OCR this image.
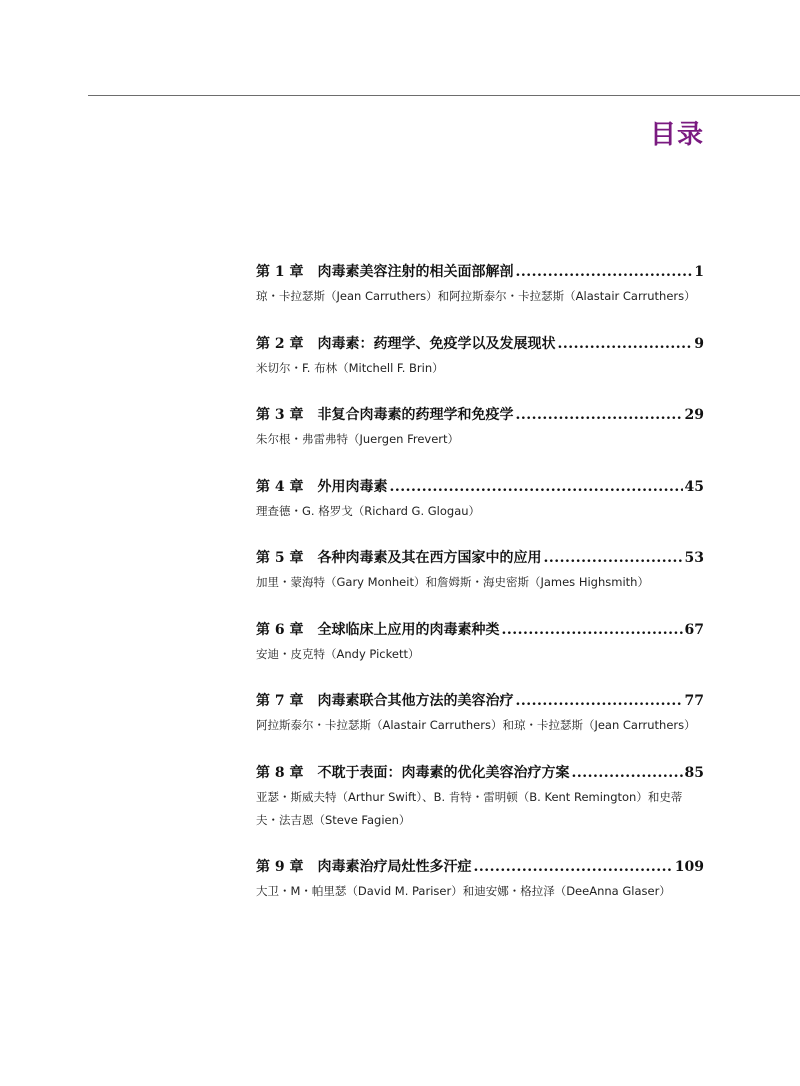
目录
第 1 章 肉毒素美容注射的相关面部解剖 .....	1
琼・卡拉瑟斯（Jean Carruthers）和阿拉斯泰尔・卡拉瑟斯（Alastair Carruthers）
第 2 章 肉毒素：药理学、免疫学以及发展现状 .....	9
米切尔・F. 布林（Mitchell F. Brin）
第 3 章 非复合肉毒素的药理学和免疫学 .....	29
朱尔根・弗雷弗特（Juergen Frevert）
第 4 章 外用肉毒素 .....	45
理查德・G. 格罗戈（Richard G. Glogau）
第 5 章 各种肉毒素及其在西方国家中的应用 .....	53
加里・蒙海特（Gary Monheit）和詹姆斯・海史密斯（James Highsmith）
第 6 章 全球临床上应用的肉毒素种类 .....	67
安迪・皮克特（Andy Pickett）
第 7 章 肉毒素联合其他方法的美容治疗 .....	77
阿拉斯泰尔・卡拉瑟斯（Alastair Carruthers）和琼・卡拉瑟斯（Jean Carruthers）
第 8 章 不耽于表面：肉毒素的优化美容治疗方案 .....	85
亚瑟・斯威夫特（Arthur Swift）、B. 肯特・雷明顿（B. Kent Remington）和史蒂夫・法吉恩（Steve Fagien）
第 9 章 肉毒素治疗局灶性多汗症 .....	109
大卫・M・帕里瑟（David M. Pariser）和迪安娜・格拉泽（DeeAnna Glaser）
